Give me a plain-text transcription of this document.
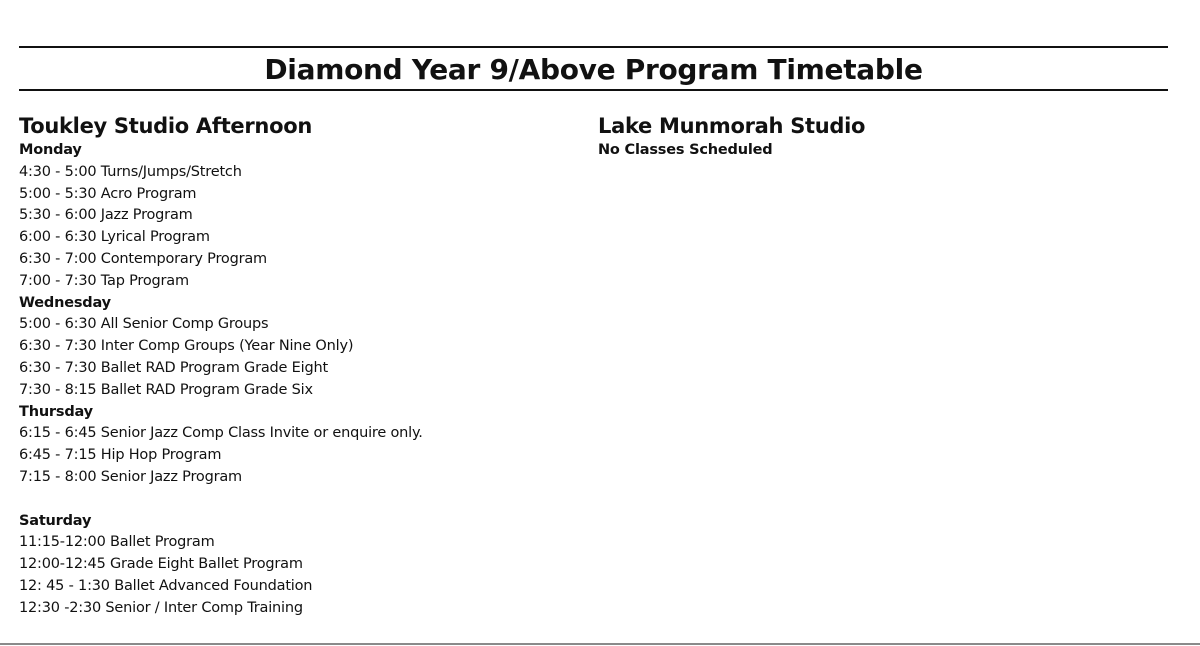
Diamond Year 9/Above Program Timetable
Toukley Studio Afternoon
Monday
4:30 - 5:00 Turns/Jumps/Stretch
5:00 - 5:30 Acro Program
5:30 - 6:00 Jazz Program
6:00 - 6:30 Lyrical Program
6:30 - 7:00 Contemporary Program
7:00 - 7:30 Tap Program
Wednesday
5:00 - 6:30 All Senior Comp Groups
6:30 - 7:30 Inter Comp Groups (Year Nine Only)
6:30 - 7:30 Ballet RAD Program Grade Eight
7:30 - 8:15 Ballet RAD Program Grade Six
Thursday
6:15 - 6:45 Senior Jazz Comp Class Invite or enquire only.
6:45 - 7:15 Hip Hop Program
7:15 - 8:00 Senior Jazz Program
Saturday
11:15-12:00 Ballet Program
12:00-12:45 Grade Eight Ballet Program
12: 45 - 1:30 Ballet Advanced Foundation
12:30 -2:30 Senior / Inter Comp Training
Lake Munmorah Studio
No Classes Scheduled
